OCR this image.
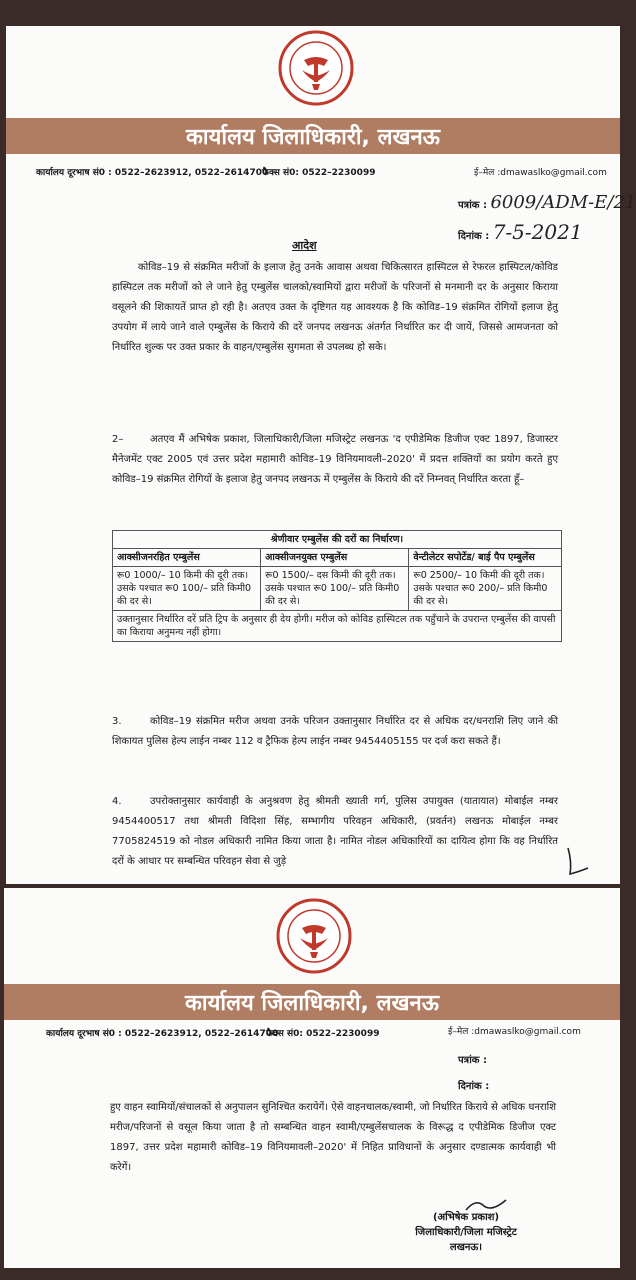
कार्यालय जिलाधिकारी, लखनऊ
कार्यालय दूरभाष सं0 : 0522–2623912, 0522–2614700
फैक्स सं0: 0522–2230099	ई–मेल :dmawaslko@gmail.com
पत्रांक : 6009/ADM-E/21
दिनांक : 7-5-2021
आदेश

कोविड–19 से संक्रमित मरीजों के इलाज हेतु उनके आवास अथवा चिकित्सारत हास्पिटल से रेफरल हास्पिटल/कोविड हास्पिटल तक मरीजों को ले जाने हेतु एम्बुलेंस चालको/स्वामियों द्वारा मरीजों के परिजनों से मनमानी दर के अनुसार किराया वसूलने की शिकायतें प्राप्त हो रही है। अतएव उक्त के दृष्टिगत यह आवश्यक है कि कोविड–19 संक्रमित रोगियों इलाज हेतु उपयोग में लाये जाने वाले एम्बुलेंस के किराये की दरें जनपद लखनऊ अंतर्गत निर्धारित कर दी जायें, जिससे आमजनता को निर्धारित शुल्क पर उक्त प्रकार के वाहन/एम्बुलेंस सुगमता से उपलब्ध हो सके।

2–	अतएव मैं अभिषेक प्रकाश, जिलाधिकारी/जिला मजिस्ट्रेट लखनऊ 'द एपीडेमिक डिजीज एक्ट 1897, डिजास्टर मैनेजमेंट एक्ट 2005 एवं उत्तर प्रदेश महामारी कोविड–19 विनियमावली–2020' में प्रदत्त शक्तियों का प्रयोग करते हुए कोविड–19 संक्रमित रोगियों के इलाज हेतु जनपद लखनऊ में एम्बुलेंस के किराये की दरें निम्नवत् निर्धारित करता हूँ–

श्रेणीवार एम्बुलेंस की दरों का निर्धारण।		
आक्सीजनरहित एम्बुलेंस	आक्सीजनयुक्त एम्बुलेंस	वेन्टीलेटर सपोर्टेड/ बाई पैप एम्बुलेंस
रू0 1000/– 10 किमी की दूरी तक। उसके पश्चात रू0 100/– प्रति किमी0 की दर से।	रू0 1500/– दस किमी की दूरी तक। उसके पश्चात रू0 100/– प्रति किमी0 की दर से।	रू0 2500/– 10 किमी की दूरी तक। उसके पश्चात रू0 200/– प्रति किमी0 की दर से।
उक्तानुसार निर्धारित दरें प्रति ट्रिप के अनुसार ही देय होगी। मरीज को कोविड हास्पिटल तक पहुँचाने के उपरान्त एम्बुलेंस की वापसी का किराया अनुमन्य नहीं होगा।		

3.	कोविड–19 संक्रमित मरीज अथवा उनके परिजन उक्तानुसार निर्धारित दर से अधिक दर/धनराशि लिए जाने की शिकायत पुलिस हेल्प लाईन नम्बर 112 व ट्रैफिक हेल्प लाईन नम्बर 9454405155 पर दर्ज करा सकते हैं।

4.	उपरोक्तानुसार कार्यवाही के अनुश्रवण हेतु श्रीमती ख्याती गर्ग, पुलिस उपायुक्त (यातायात) मोबाईल नम्बर 9454400517 तथा श्रीमती विदिशा सिंह, सम्भागीय परिवहन अधिकारी, (प्रवर्तन) लखनऊ मोबाईल नम्बर 7705824519 को नोडल अधिकारी नामित किया जाता है। नामित नोडल अधिकारियों का दायित्व होगा कि वह निर्धारित दरों के आधार पर सम्बन्धित परिवहन सेवा से जुड़े

कार्यालय जिलाधिकारी, लखनऊ
कार्यालय दूरभाष सं0 : 0522–2623912, 0522–2614700
फैक्स सं0: 0522–2230099	ई–मेल :dmawaslko@gmail.com
पत्रांक :
दिनांक :

हुए वाहन स्वामियों/संचालकों से अनुपालन सुनिश्चित करायेगें। ऐसे वाहनचालक/स्वामी, जो निर्धारित किराये से अधिक धनराशि मरीज/परिजनों से वसूल किया जाता है तो सम्बन्धित वाहन स्वामी/एम्बुलेंसचालक के विरूद्ध द एपीडेमिक डिजीज एक्ट 1897, उत्तर प्रदेश महामारी कोविड–19 विनियमावली–2020' में निहित प्राविधानों के अनुसार दण्डात्मक कार्यवाही भी करेगें।

(अभिषेक प्रकाश)
जिलाधिकारी/जिला मजिस्ट्रेट
लखनऊ।
